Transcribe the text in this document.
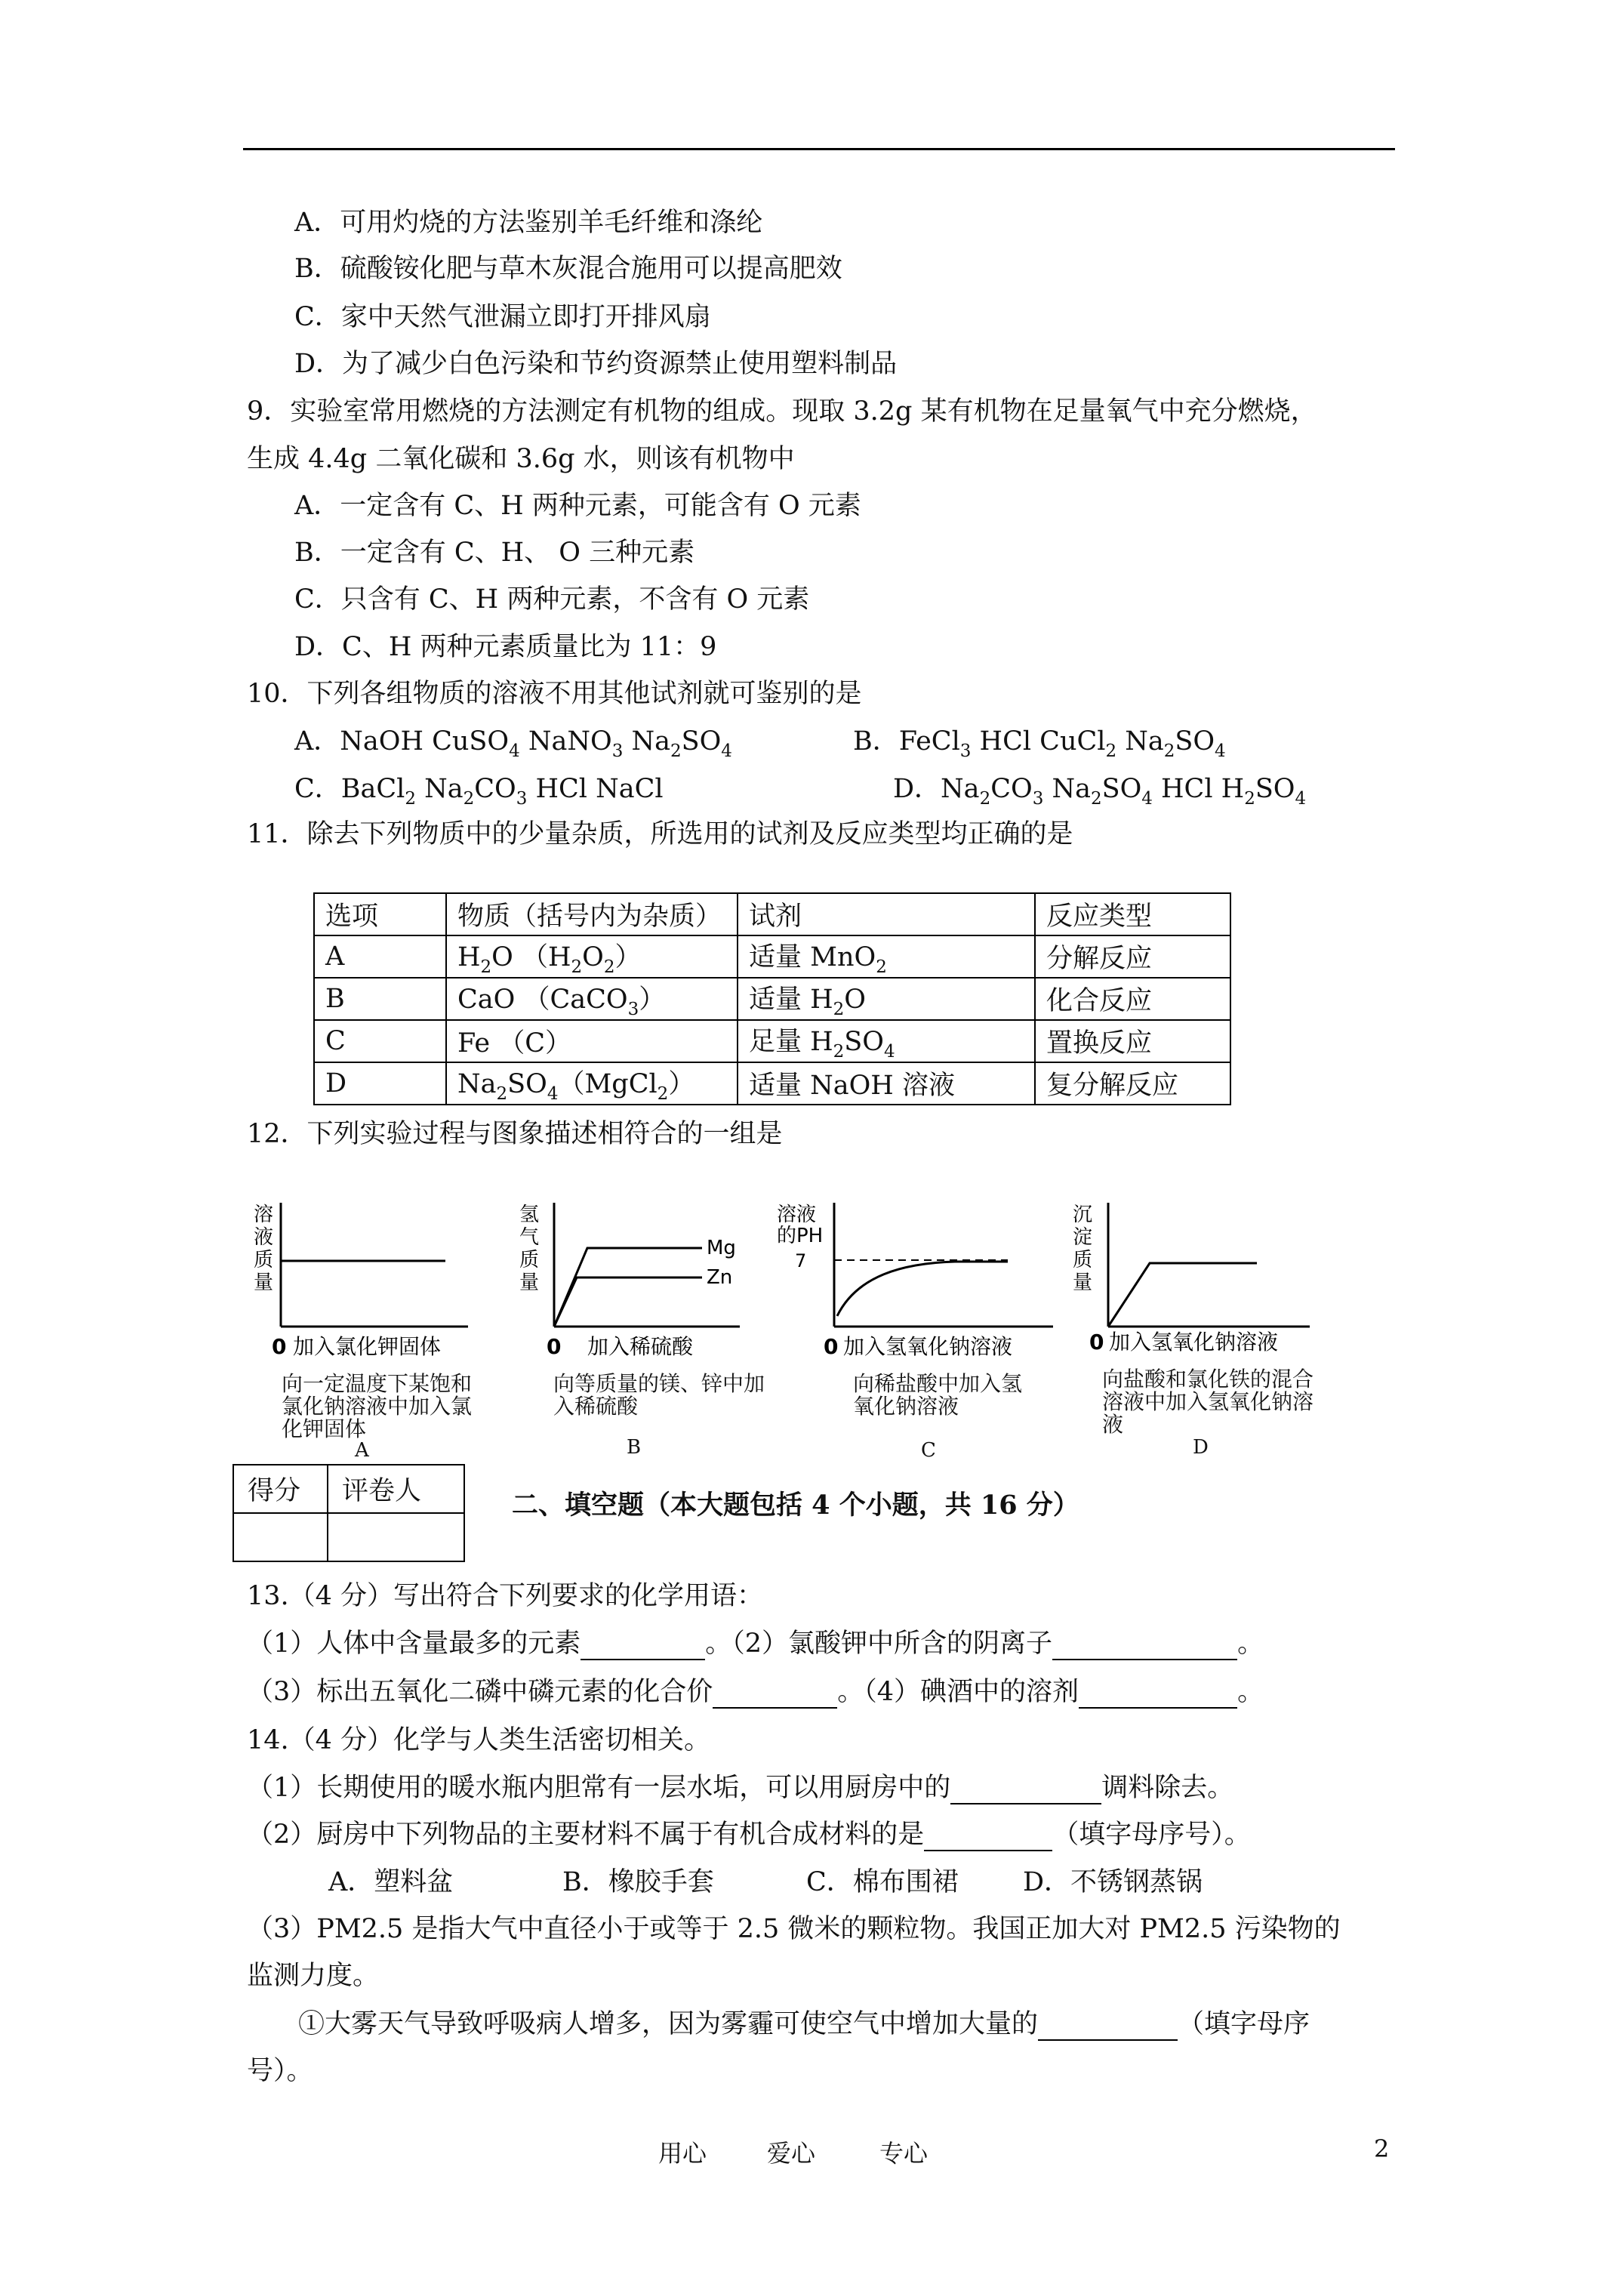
A．可用灼烧的方法鉴别羊毛纤维和涤纶
B．硫酸铵化肥与草木灰混合施用可以提高肥效
C．家中天然气泄漏立即打开排风扇
D．为了减少白色污染和节约资源禁止使用塑料制品
9．实验室常用燃烧的方法测定有机物的组成。现取 3.2g 某有机物在足量氧气中充分燃烧，
生成 4.4g 二氧化碳和 3.6g 水，则该有机物中
A．一定含有 C、H 两种元素，可能含有 O 元素
B．一定含有 C、H、 O 三种元素
C．只含有 C、H 两种元素，不含有 O 元素
D．C、H 两种元素质量比为 11：9
10．下列各组物质的溶液不用其他试剂就可鉴别的是
A．NaOH CuSO$_4$ NaNO$_3$ $Na_2SO_4$	B．FeCl$_3$ HCl CuCl$_2$ $Na_2SO_4$
C．BaCl$_2$ $Na_2CO_3$ HCl NaCl	D．$Na_2CO_3$ $Na_2SO_4$ HCl $H_2SO_4$
11．除去下列物质中的少量杂质，所选用的试剂及反应类型均正确的是
选项	物质（括号内为杂质）	试剂	反应类型
A	$H_2O$ $(H_2O_2)$	适量 MnO$_2$	分解反应
B	CaO （CaCO$_3$）	适量 $H_2O$	化合反应
C	Fe （C）	足量 $H_2SO_4$	置换反应
D	$Na_2SO_4(MgCl_2)$	适量 NaOH 溶液	复分解反应
12．下列实验过程与图象描述相符合的一组是
溶
液
质
量
0 加入氯化钾固体
向一定温度下某饱和氯化钠溶液中加入氯化钾固体
A
氢
气
质
量
Mg
Zn
0 加入稀硫酸
向等质量的镁、锌中加入稀硫酸
B
溶液
的PH
7
0 加入氢氧化钠溶液
向稀盐酸中加入氢氧化钠溶液
C
沉
淀
质
量
0 加入氢氧化钠溶液
向盐酸和氯化铁的混合溶液中加入氢氧化钠溶液
D
得分	评卷人
		二、填空题（本大题包括 4 个小题，共 16 分）
13.（4 分）写出符合下列要求的化学用语：
（1）人体中含量最多的元素	。（2）氯酸钾中所含的阴离子	。
（3）标出五氧化二磷中磷元素的化合价	。（4）碘酒中的溶剂	。
14.（4 分）化学与人类生活密切相关。
（1）长期使用的暖水瓶内胆常有一层水垢，可以用厨房中的	调料除去。
（2）厨房中下列物品的主要材料不属于有机合成材料的是	（填字母序号）。
A．塑料盆	B．橡胶手套	C．棉布围裙 D．不锈钢蒸锅
（3）PM2.5 是指大气中直径小于或等于 2.5 微米的颗粒物。我国正加大对 PM2.5 污染物的
监测力度。
①大雾天气导致呼吸病人增多，因为雾霾可使空气中增加大量的	（填字母序
号）。
用心 爱心	专心	2
